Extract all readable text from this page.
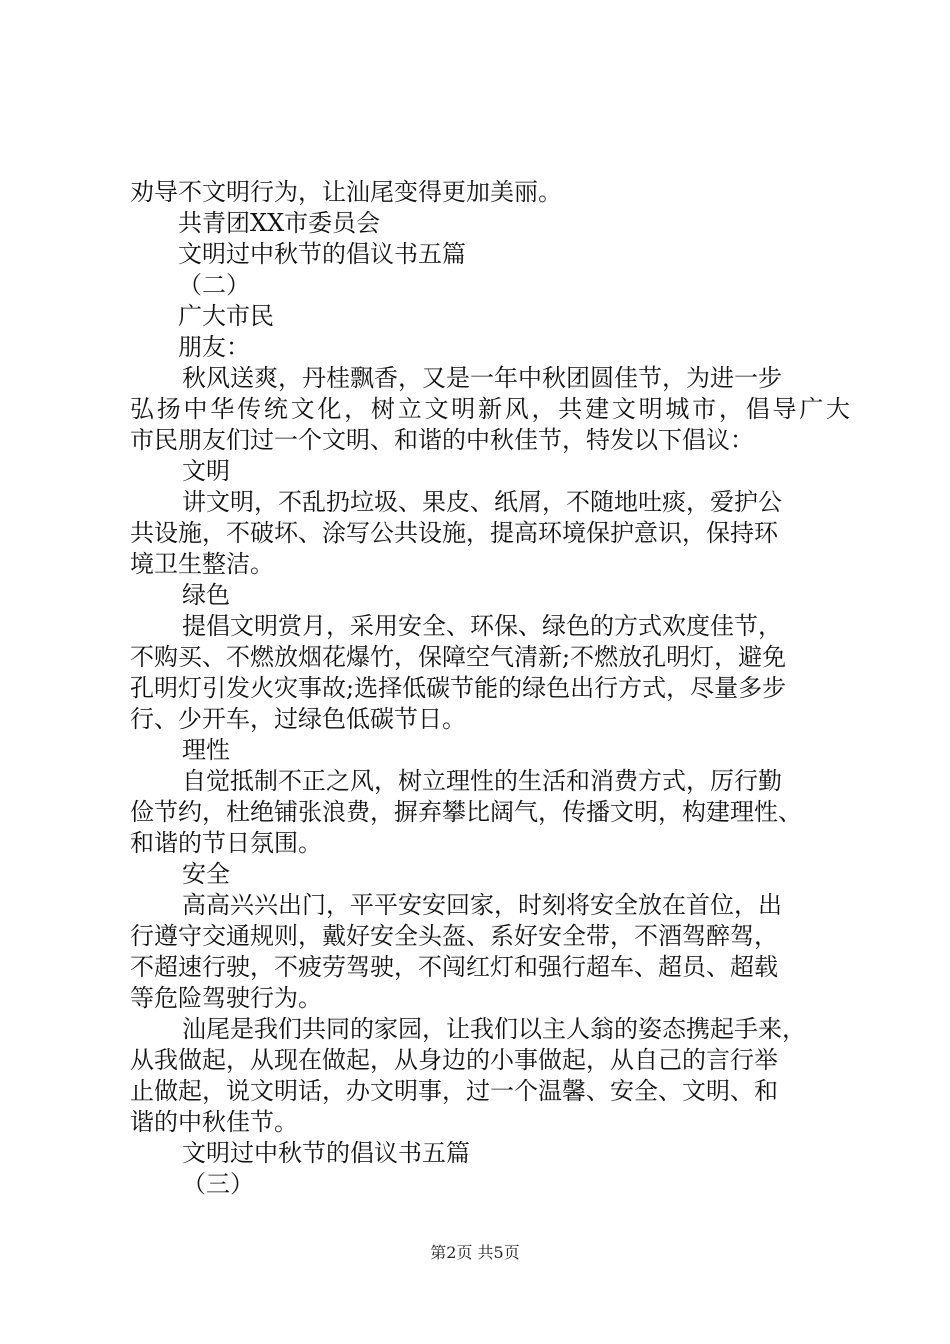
劝导不文明行为，让汕尾变得更加美丽。
共青团XX市委员会
文明过中秋节的倡议书五篇
（二）
广大市民
朋友：
秋风送爽，丹桂飘香，又是一年中秋团圆佳节，为进一步
弘扬中华传统文化，树立文明新风，共建文明城市，倡导广大
市民朋友们过一个文明、和谐的中秋佳节，特发以下倡议：
文明
讲文明，不乱扔垃圾、果皮、纸屑，不随地吐痰，爱护公
共设施，不破坏、涂写公共设施，提高环境保护意识，保持环
境卫生整洁。
绿色
提倡文明赏月，采用安全、环保、绿色的方式欢度佳节，
不购买、不燃放烟花爆竹，保障空气清新;不燃放孔明灯，避免
孔明灯引发火灾事故;选择低碳节能的绿色出行方式，尽量多步
行、少开车，过绿色低碳节日。
理性
自觉抵制不正之风，树立理性的生活和消费方式，厉行勤
俭节约，杜绝铺张浪费，摒弃攀比阔气，传播文明，构建理性、
和谐的节日氛围。
安全
高高兴兴出门，平平安安回家，时刻将安全放在首位，出
行遵守交通规则，戴好安全头盔、系好安全带，不酒驾醉驾，
不超速行驶，不疲劳驾驶，不闯红灯和强行超车、超员、超载
等危险驾驶行为。
汕尾是我们共同的家园，让我们以主人翁的姿态携起手来，
从我做起，从现在做起，从身边的小事做起，从自己的言行举
止做起，说文明话，办文明事，过一个温馨、安全、文明、和
谐的中秋佳节。
文明过中秋节的倡议书五篇
（三）
第2页 共5页
